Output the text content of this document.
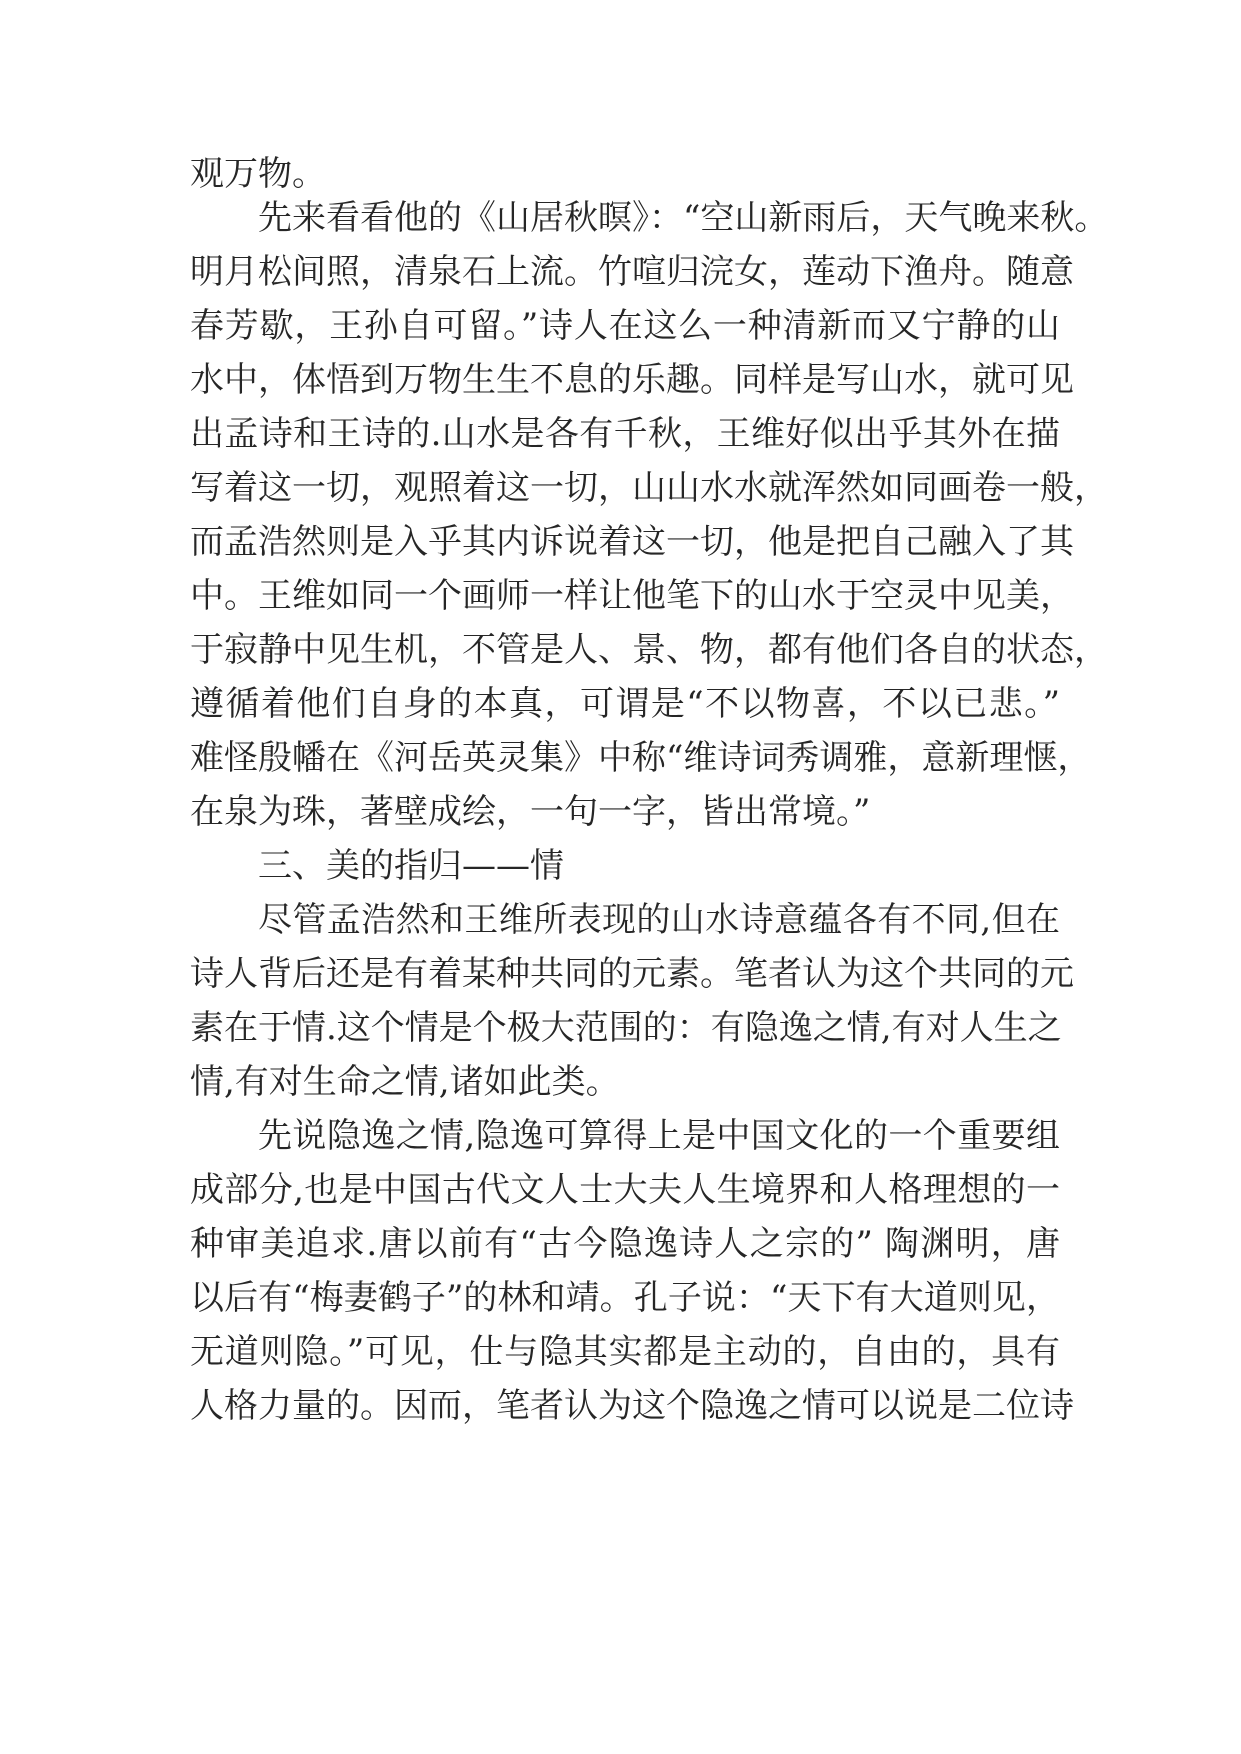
观万物。

先来看看他的《山居秋暝》：“空山新雨后，天气晚来秋。

明月松间照，清泉石上流。竹喧归浣女，莲动下渔舟。随意

春芳歇，王孙自可留。”诗人在这么一种清新而又宁静的山

水中，体悟到万物生生不息的乐趣。同样是写山水，就可见

出孟诗和王诗的.山水是各有千秋，王维好似出乎其外在描

写着这一切，观照着这一切，山山水水就浑然如同画卷一般，

而孟浩然则是入乎其内诉说着这一切，他是把自己融入了其

中。王维如同一个画师一样让他笔下的山水于空灵中见美，

于寂静中见生机，不管是人、景、物，都有他们各自的状态，

遵循着他们自身的本真，可谓是“不以物喜，不以已悲。”

难怪殷幡在《河岳英灵集》中称“维诗词秀调雅，意新理惬，

在泉为珠，著壁成绘，一句一字，皆出常境。”

三、美的指归——情

尽管孟浩然和王维所表现的山水诗意蕴各有不同,但在

诗人背后还是有着某种共同的元素。笔者认为这个共同的元

素在于情.这个情是个极大范围的：有隐逸之情,有对人生之

情,有对生命之情,诸如此类。

先说隐逸之情,隐逸可算得上是中国文化的一个重要组

成部分,也是中国古代文人士大夫人生境界和人格理想的一

种审美追求.唐以前有“古今隐逸诗人之宗的” 陶渊明，唐

以后有“梅妻鹤子”的林和靖。孔子说：“天下有大道则见，

无道则隐。”可见，仕与隐其实都是主动的，自由的，具有

人格力量的。因而，笔者认为这个隐逸之情可以说是二位诗
